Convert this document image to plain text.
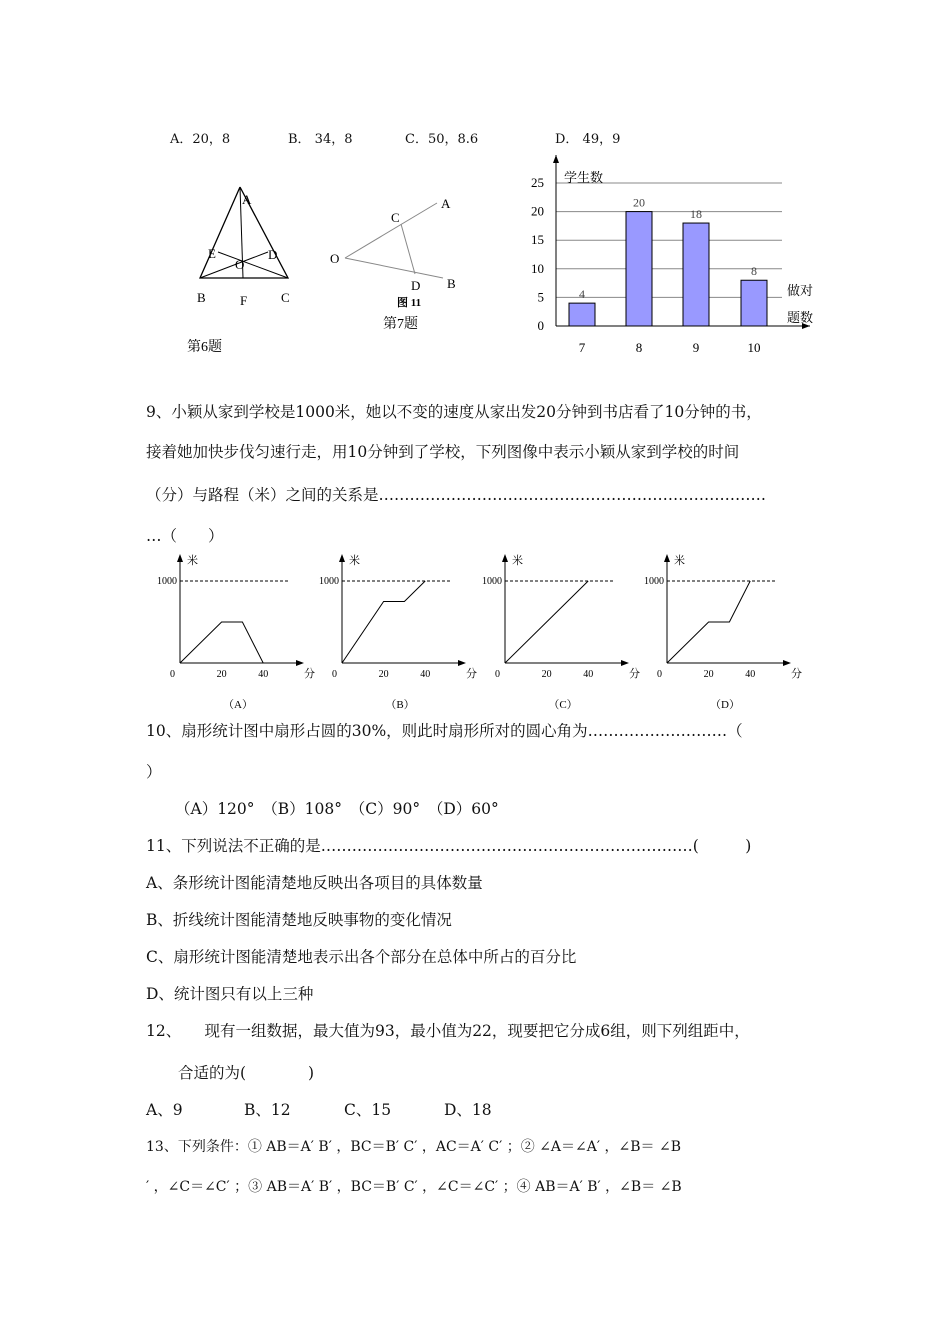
A．20，8	B． 34，8	C．50，8.6	D． 49，9
A
E	D
O
B	F	C
第6题
A
C
O
D B
图 11
第7题	0
5
10
15
20
25
4
7
20
8
18
9
8
10
学生数
做对
题数
9、小颖从家到学校是1000米，她以不变的速度从家出发20分钟到书店看了10分钟的书，
接着她加快步伐匀速行走，用10分钟到了学校，下列图像中表示小颖从家到学校的时间
（分）与路程（米）之间的关系是…………………………………………………………………
…（　　）
米
1000
0	20	40	分
（A）
米
1000
0	20	40	分
（B）
米
1000
0	20	40	分
（C）
米
1000
0	20	40	分
（D）
10、扇形统计图中扇形占圆的30%，则此时扇形所对的圆心角为………………………（
）
（A）120°　（B）108°　（C）90°　（D）60°
11、下列说法不正确的是………………………………………………………………(　　　)
A、条形统计图能清楚地反映出各项目的具体数量
B、折线统计图能清楚地反映事物的变化情况
C、扇形统计图能清楚地表示出各个部分在总体中所占的百分比
D、统计图只有以上三种
12、　　现有一组数据，最大值为93，最小值为22，现要把它分成6组，则下列组距中，
合适的为(　　　　)
A、9	B、12	C、15	D、18
13、下列条件：① AB＝A′ B′ ，BC＝B′ C′ ，AC＝A′ C′ ；② ∠A＝∠A′ ，∠B＝ ∠B
′ ，∠C＝∠C′ ；③ AB＝A′ B′ ，BC＝B′ C′ ，∠C＝∠C′ ；④ AB＝A′ B′ ，∠B＝ ∠B
